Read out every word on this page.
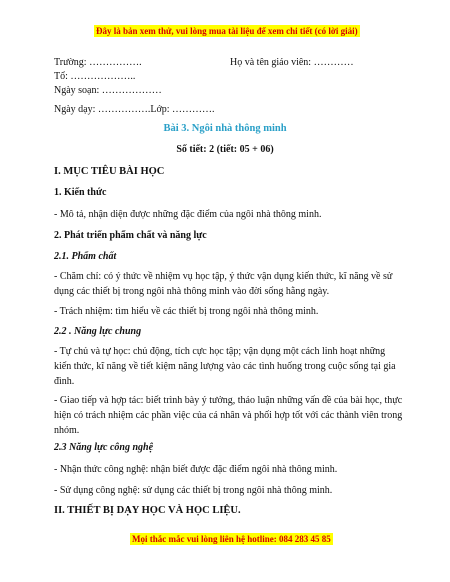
Đây là bản xem thử, vui lòng mua tài liệu để xem chi tiết (có lời giải)
Trường: …………….	Họ và tên giáo viên: …………
Tổ: ………………..
Ngày soạn: ………………
Ngày dạy: …………….Lớp: ………….
Bài 3. Ngôi nhà thông minh
Số tiết: 2 (tiết: 05 + 06)
I. MỤC TIÊU BÀI HỌC
1. Kiến thức
- Mô tả, nhận diện được những đặc điểm của ngôi nhà thông minh.
2. Phát triển phẩm chất và năng lực
2.1. Phẩm chất
- Chăm chỉ: có ý thức về nhiệm vụ học tập, ý thức vận dụng kiến thức, kĩ năng về sử dụng các thiết bị trong ngôi nhà thông minh vào đời sống hằng ngày.
- Trách nhiệm: tìm hiểu về các thiết bị trong ngôi nhà thông minh.
2.2 . Năng lực chung
- Tự chủ và tự học: chủ động, tích cực học tập; vận dụng một cách linh hoạt những kiến thức, kĩ năng về tiết kiệm năng lượng vào các tình huống trong cuộc sống tại gia đình.
- Giao tiếp và hợp tác: biết trình bày ý tưởng, thảo luận những vấn đề của bài học, thực hiện có trách nhiệm các phần việc của cá nhân và phối hợp tốt với các thành viên trong nhóm.
2.3 Năng lực công nghệ
- Nhận thức công nghệ: nhận biết được đặc điểm ngôi nhà thông minh.
- Sử dụng công nghệ: sử dụng các thiết bị trong ngôi nhà thông minh.
II. THIẾT BỊ DẠY HỌC VÀ HỌC LIỆU.
Mọi thắc mắc vui lòng liên hệ hotline: 084 283 45 85
